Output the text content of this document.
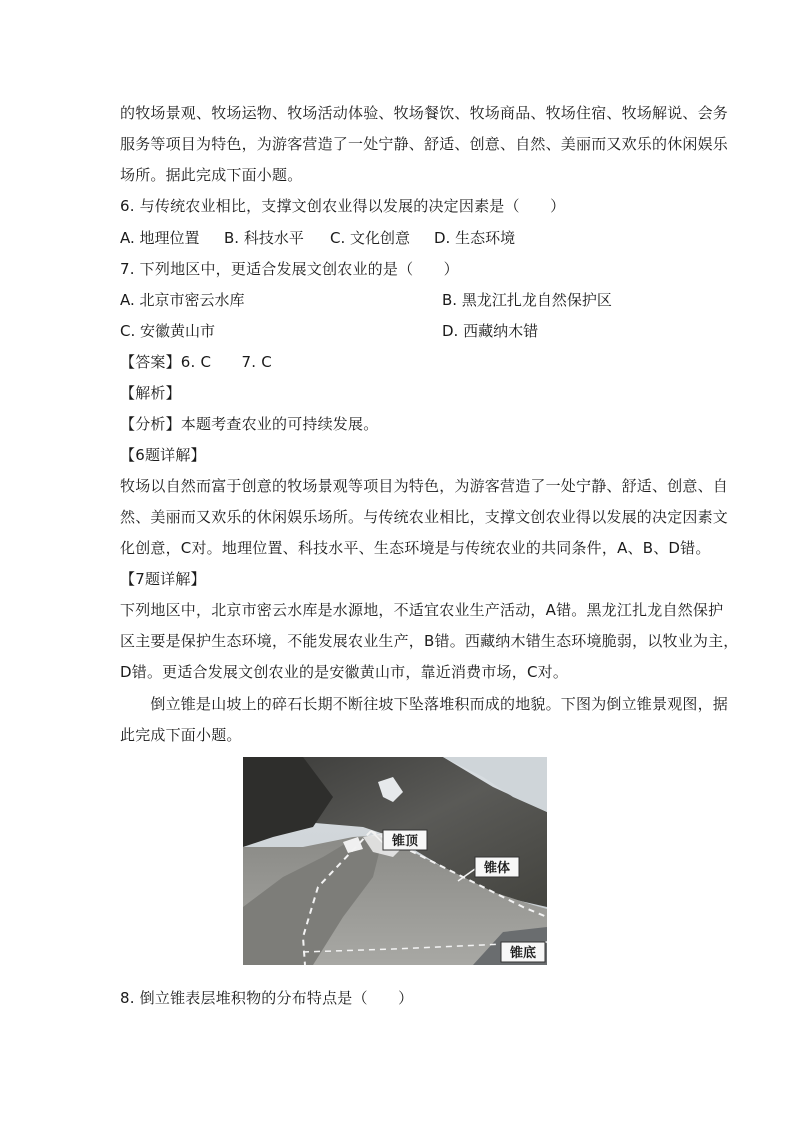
的牧场景观、牧场运物、牧场活动体验、牧场餐饮、牧场商品、牧场住宿、牧场解说、会务
服务等项目为特色，为游客营造了一处宁静、舒适、创意、自然、美丽而又欢乐的休闲娱乐
场所。据此完成下面小题。
6. 与传统农业相比，支撑文创农业得以发展的决定因素是（　　）
A. 地理位置 B. 科技水平 C. 文化创意 D. 生态环境
7. 下列地区中，更适合发展文创农业的是（　　）
A. 北京市密云水库	B. 黑龙江扎龙自然保护区
C. 安徽黄山市	D. 西藏纳木错
【答案】6. C　　7. C
【解析】
【分析】本题考查农业的可持续发展。
【6题详解】
牧场以自然而富于创意的牧场景观等项目为特色，为游客营造了一处宁静、舒适、创意、自
然、美丽而又欢乐的休闲娱乐场所。与传统农业相比，支撑文创农业得以发展的决定因素文
化创意，C对。地理位置、科技水平、生态环境是与传统农业的共同条件，A、B、D错。
【7题详解】
下列地区中，北京市密云水库是水源地，不适宜农业生产活动，A错。黑龙江扎龙自然保护
区主要是保护生态环境，不能发展农业生产，B错。西藏纳木错生态环境脆弱，以牧业为主，
D错。更适合发展文创农业的是安徽黄山市，靠近消费市场，C对。
　　倒立锥是山坡上的碎石长期不断往坡下坠落堆积而成的地貌。下图为倒立锥景观图，据
此完成下面小题。
锥顶
锥体
锥底
8. 倒立锥表层堆积物的分布特点是（　　）
